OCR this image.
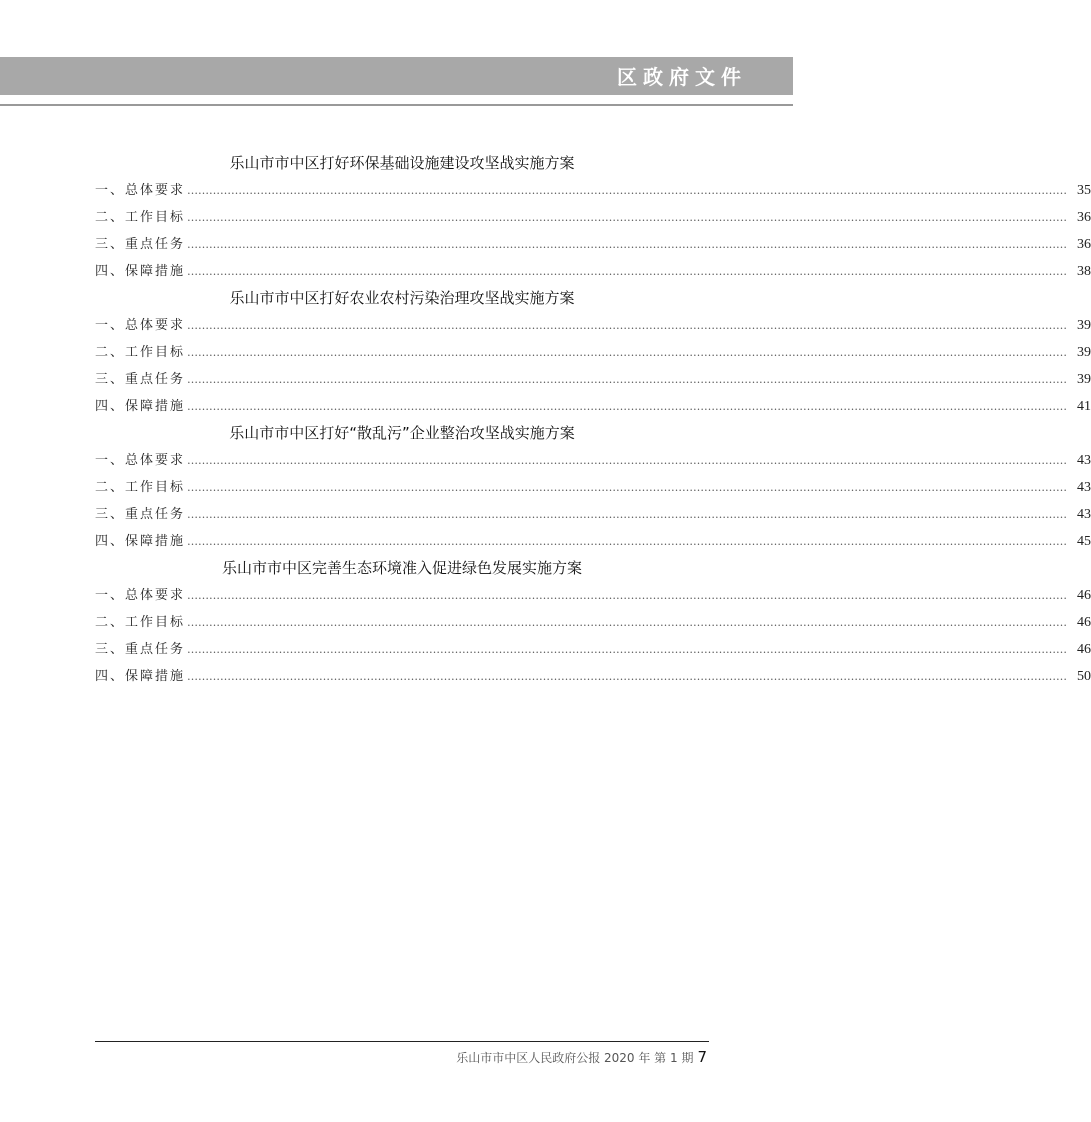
区政府文件
乐山市市中区打好环保基础设施建设攻坚战实施方案
一、总体要求 …………………………………………………………………………………………………………………………………………………………………………………………………………………… 35
二、工作目标 …………………………………………………………………………………………………………………………………………………………………………………………………………………… 36
三、重点任务 …………………………………………………………………………………………………………………………………………………………………………………………………………………… 36
四、保障措施 …………………………………………………………………………………………………………………………………………………………………………………………………………………… 38
乐山市市中区打好农业农村污染治理攻坚战实施方案
一、总体要求 …………………………………………………………………………………………………………………………………………………………………………………………………………………… 39
二、工作目标 …………………………………………………………………………………………………………………………………………………………………………………………………………………… 39
三、重点任务 …………………………………………………………………………………………………………………………………………………………………………………………………………………… 39
四、保障措施 …………………………………………………………………………………………………………………………………………………………………………………………………………………… 41
乐山市市中区打好“散乱污”企业整治攻坚战实施方案
一、总体要求 …………………………………………………………………………………………………………………………………………………………………………………………………………………… 43
二、工作目标 …………………………………………………………………………………………………………………………………………………………………………………………………………………… 43
三、重点任务 …………………………………………………………………………………………………………………………………………………………………………………………………………………… 43
四、保障措施 …………………………………………………………………………………………………………………………………………………………………………………………………………………… 45
乐山市市中区完善生态环境准入促进绿色发展实施方案
一、总体要求 …………………………………………………………………………………………………………………………………………………………………………………………………………………… 46
二、工作目标 …………………………………………………………………………………………………………………………………………………………………………………………………………………… 46
三、重点任务 …………………………………………………………………………………………………………………………………………………………………………………………………………………… 46
四、保障措施 …………………………………………………………………………………………………………………………………………………………………………………………………………………… 50
乐山市市中区人民政府公报 2020 年 第 1 期 7
